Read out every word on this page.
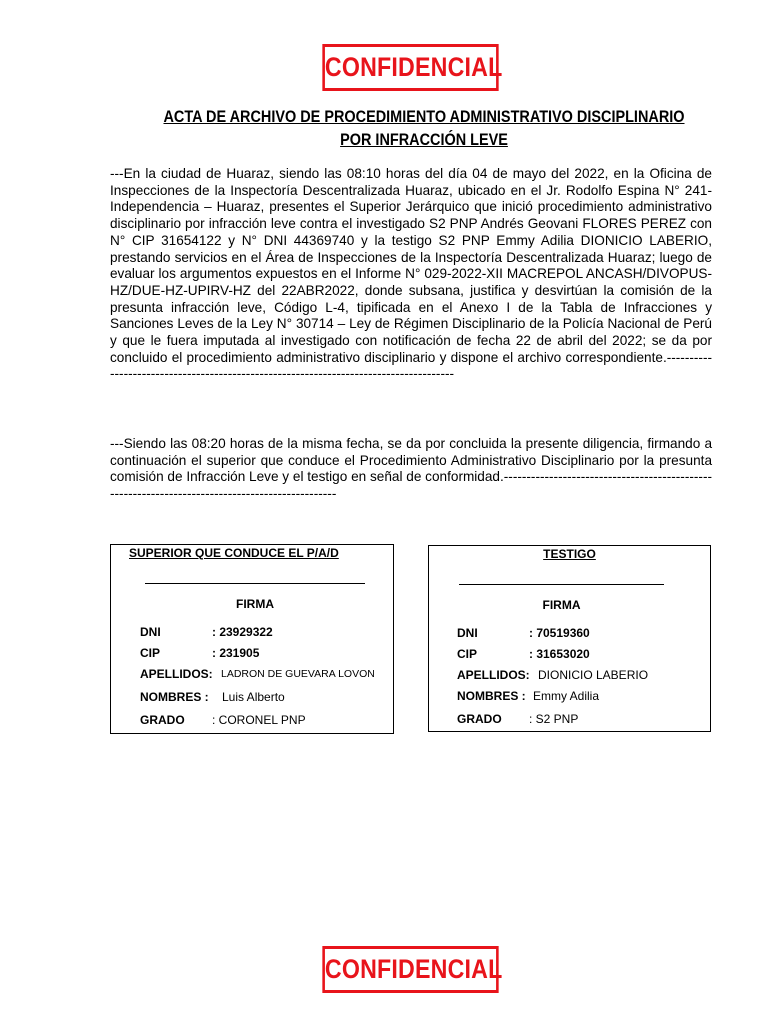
CONFIDENCIAL
ACTA DE ARCHIVO DE PROCEDIMIENTO ADMINISTRATIVO DISCIPLINARIO
POR INFRACCIÓN LEVE

---En la ciudad de Huaraz, siendo las 08:10 horas del día 04 de mayo del 2022, en la Oficina de Inspecciones de la Inspectoría Descentralizada Huaraz, ubicado en el Jr. Rodolfo Espina N° 241- Independencia – Huaraz, presentes el Superior Jerárquico que inició procedimiento administrativo disciplinario por infracción leve contra el investigado S2 PNP Andrés Geovani FLORES PEREZ con N° CIP 31654122 y N° DNI 44369740 y la testigo S2 PNP Emmy Adilia DIONICIO LABERIO, prestando servicios en el Área de Inspecciones de la Inspectoría Descentralizada Huaraz; luego de evaluar los argumentos expuestos en el Informe N° 029-2022-XII MACREPOL ANCASH/DIVOPUS-HZ/DUE-HZ-UPIRV-HZ del 22ABR2022, donde subsana, justifica y desvirtúan la comisión de la presunta infracción leve, Código L-4, tipificada en el Anexo I de la Tabla de Infracciones y Sanciones Leves de la Ley N° 30714 – Ley de Régimen Disciplinario de la Policía Nacional de Perú y que le fuera imputada al investigado con notificación de fecha 22 de abril del 2022; se da por concluido el procedimiento administrativo disciplinario y dispone el archivo correspondiente.--------------------------------------------------------------------------------------

---Siendo las 08:20 horas de la misma fecha, se da por concluida la presente diligencia, firmando a continuación el superior que conduce el Procedimiento Administrativo Disciplinario por la presunta comisión de Infracción Leve y el testigo en señal de conformidad.------------------------------------------------------------------------------------------------

SUPERIOR QUE CONDUCE EL P/A/D
FIRMA
DNI	: 23929322
CIP	: 231905
APELLIDOS: LADRON DE GUEVARA LOVON
NOMBRES : Luis Alberto
GRADO : CORONEL PNP
TESTIGO
FIRMA
DNI	: 70519360
CIP	: 31653020
APELLIDOS: DIONICIO LABERIO
NOMBRES : Emmy Adilia
GRADO : S2 PNP
CONFIDENCIAL
